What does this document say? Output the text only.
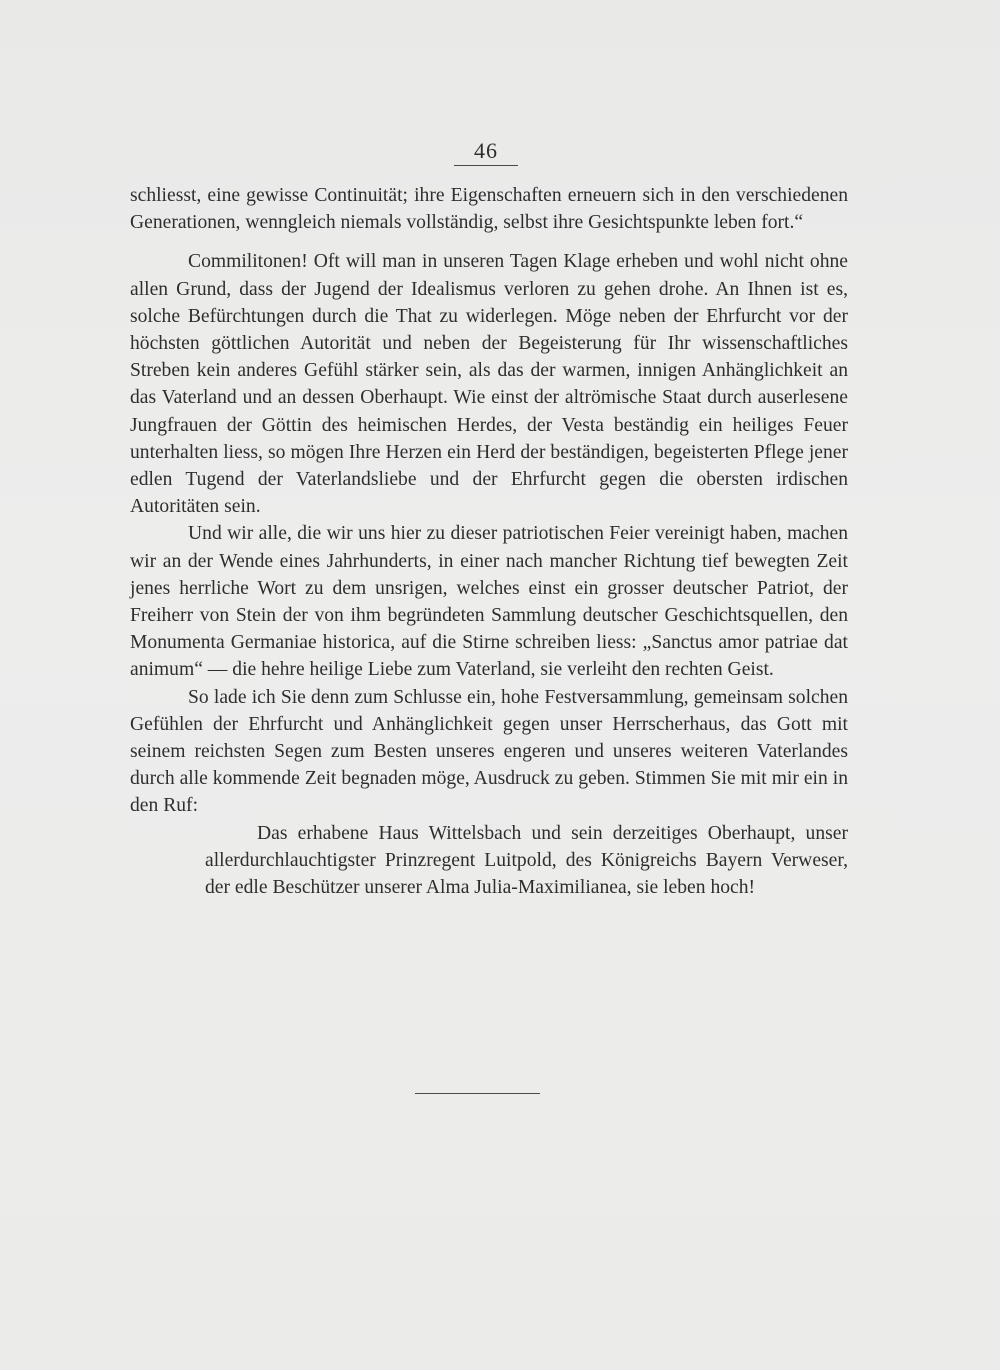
46

schliesst, eine gewisse Continuität; ihre Eigenschaften erneuern sich in den verschiedenen Generationen, wenngleich niemals vollständig, selbst ihre Gesichtspunkte leben fort.“

Commilitonen! Oft will man in unseren Tagen Klage erheben und wohl nicht ohne allen Grund, dass der Jugend der Idealismus verloren zu gehen drohe. An Ihnen ist es, solche Befürchtungen durch die That zu widerlegen. Möge neben der Ehrfurcht vor der höchsten göttlichen Autorität und neben der Begeisterung für Ihr wissenschaftliches Streben kein anderes Gefühl stärker sein, als das der warmen, innigen Anhänglichkeit an das Vaterland und an dessen Oberhaupt. Wie einst der altrömische Staat durch auserlesene Jungfrauen der Göttin des heimischen Herdes, der Vesta beständig ein heiliges Feuer unterhalten liess, so mögen Ihre Herzen ein Herd der beständigen, begeisterten Pflege jener edlen Tugend der Vaterlandsliebe und der Ehrfurcht gegen die obersten irdischen Autoritäten sein.

Und wir alle, die wir uns hier zu dieser patriotischen Feier vereinigt haben, machen wir an der Wende eines Jahrhunderts, in einer nach mancher Richtung tief bewegten Zeit jenes herrliche Wort zu dem unsrigen, welches einst ein grosser deutscher Patriot, der Freiherr von Stein der von ihm begründeten Sammlung deutscher Geschichtsquellen, den Monumenta Germaniae historica, auf die Stirne schreiben liess: „Sanctus amor patriae dat animum“ — die hehre heilige Liebe zum Vaterland, sie verleiht den rechten Geist.

So lade ich Sie denn zum Schlusse ein, hohe Festversammlung, gemeinsam solchen Gefühlen der Ehrfurcht und Anhänglichkeit gegen unser Herrscherhaus, das Gott mit seinem reichsten Segen zum Besten unseres engeren und unseres weiteren Vaterlandes durch alle kommende Zeit begnaden möge, Ausdruck zu geben. Stimmen Sie mit mir ein in den Ruf:

Das erhabene Haus Wittelsbach und sein derzeitiges Oberhaupt, unser allerdurchlauchtigster Prinzregent Luitpold, des Königreichs Bayern Verweser, der edle Beschützer unserer Alma Julia-Maximilianea, sie leben hoch!
